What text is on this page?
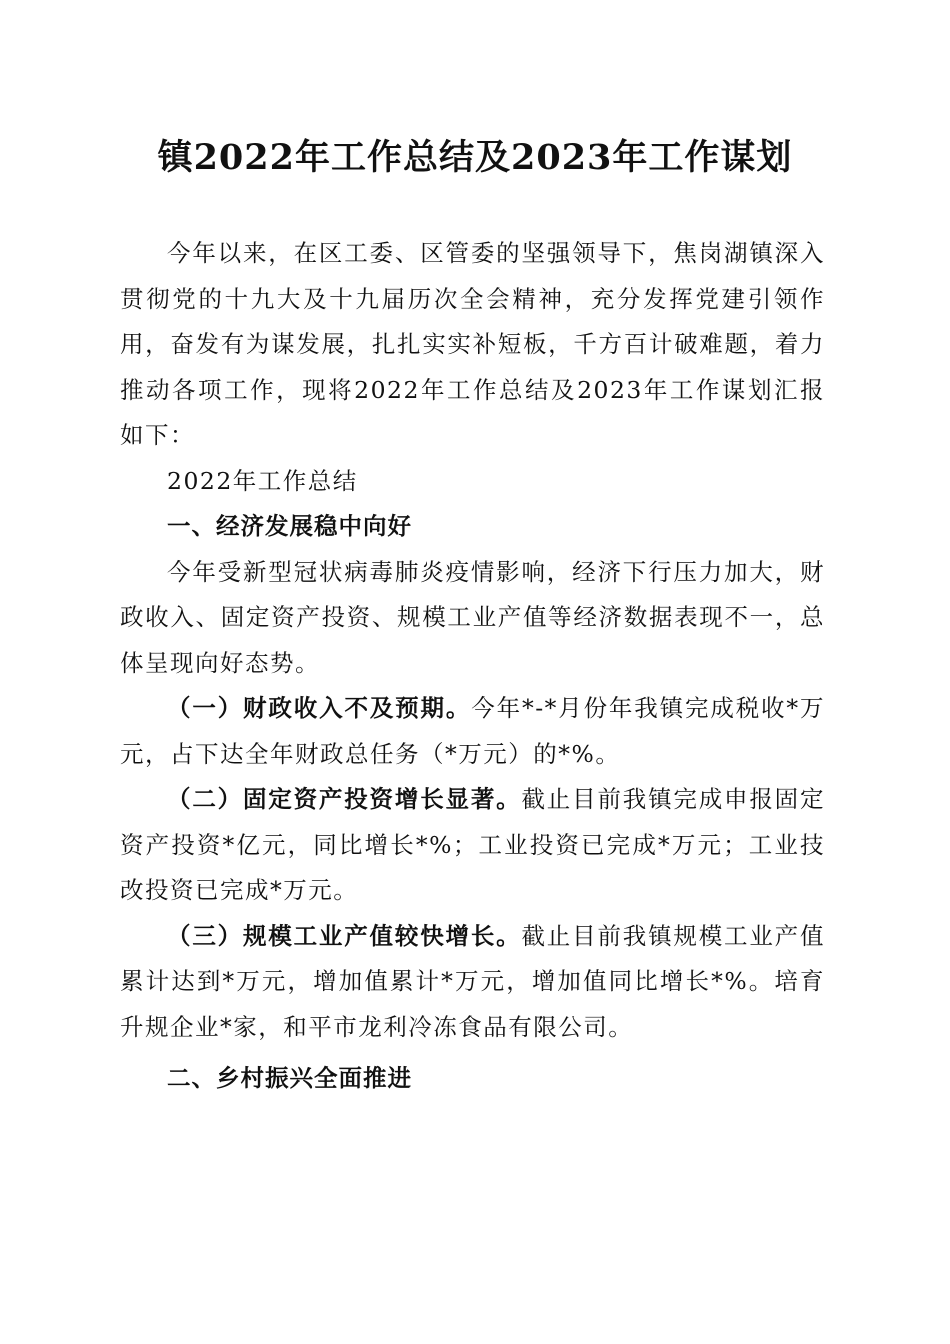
镇2022年工作总结及2023年工作谋划

今年以来，在区工委、区管委的坚强领导下，焦岗湖镇深入贯彻党的十九大及十九届历次全会精神，充分发挥党建引领作用，奋发有为谋发展，扎扎实实补短板，千方百计破难题，着力推动各项工作，现将2022年工作总结及2023年工作谋划汇报如下：

2022年工作总结

一、经济发展稳中向好

今年受新型冠状病毒肺炎疫情影响，经济下行压力加大，财政收入、固定资产投资、规模工业产值等经济数据表现不一，总体呈现向好态势。

（一）财政收入不及预期。今年*-*月份年我镇完成税收*万元，占下达全年财政总任务（*万元）的*%。

（二）固定资产投资增长显著。截止目前我镇完成申报固定资产投资*亿元，同比增长*%；工业投资已完成*万元；工业技改投资已完成*万元。

（三）规模工业产值较快增长。截止目前我镇规模工业产值累计达到*万元，增加值累计*万元，增加值同比增长*%。培育升规企业*家，和平市龙利冷冻食品有限公司。

二、乡村振兴全面推进
